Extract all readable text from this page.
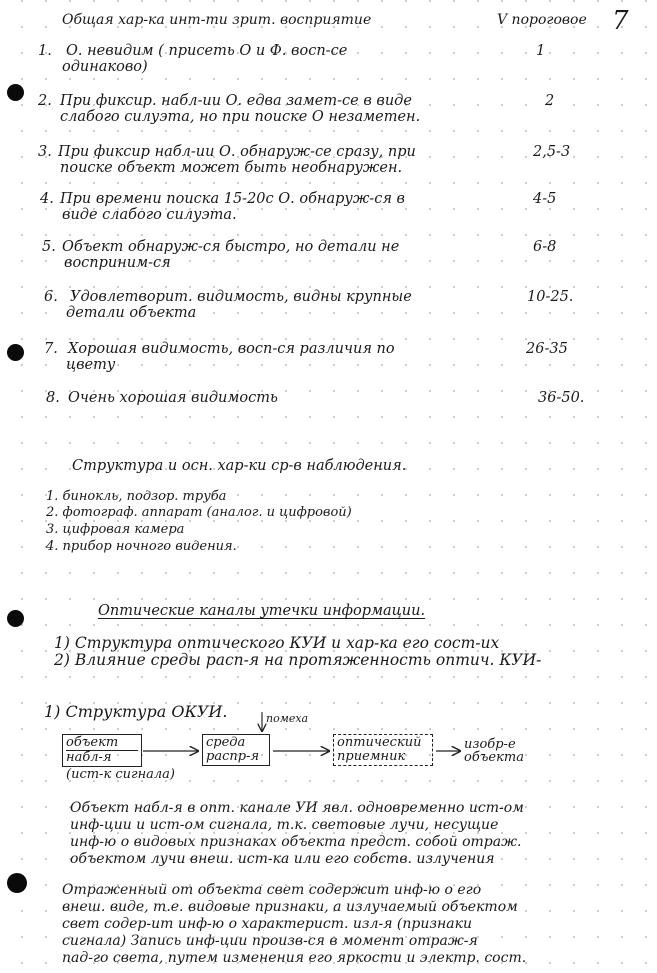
7
Общая хар-ка инт-ти зрит. восприятие	V пороговое
1. О. невидим ( присеть О и Ф. восп-се
одинаково)
1
2. При фиксир. набл-ии О. едва замет-се в виде
слабого силуэта, но при поиске О незаметен.
2
3. При фиксир набл-ии О. обнаруж-се сразу, при
поиске объект может быть необнаружен.
2,5-3
4. При времени поиска 15-20с О. обнаруж-ся в
виде слабого силуэта.
4-5
5. Объект обнаруж-ся быстро, но детали не
восприним-ся
6-8
6. Удовлетворит. видимость, видны крупные
детали объекта
10-25.
7. Хорошая видимость, восп-ся различия по
цвету
26-35
8. Очень хорошая видимость	36-50.
Структура и осн. хар-ки ср-в наблюдения.
1. бинокль, подзор. труба
2. фотограф. аппарат (аналог. и цифровой)
3. цифровая камера
4. прибор ночного видения.
Оптические каналы утечки информации.
1) Структура оптического КУИ и хар-ка его сост-их
2) Влияние среды расп-я на протяженность оптич. КУИ-
1) Структура ОКУИ.	помеха
объект
набл-я
(ист-к сигнала)
среда
распр-я
оптический
приемник
изобр-е
объекта
Объект набл-я в опт. канале УИ явл. одновременно ист-ом
инф-ции и ист-ом сигнала, т.к. световые лучи, несущие
инф-ю о видовых признаках объекта предст. собой отраж.
объектом лучи внеш. ист-ка или его собств. излучения
Отраженный от объекта свет содержит инф-ю о его
внеш. виде, т.е. видовые признаки, а излучаемый объектом
свет содер-ит инф-ю о характерист. изл-я (признаки
сигнала) Запись инф-ции произв-ся в момент отраж-я
пад-го света, путем изменения его яркости и электр. сост.
